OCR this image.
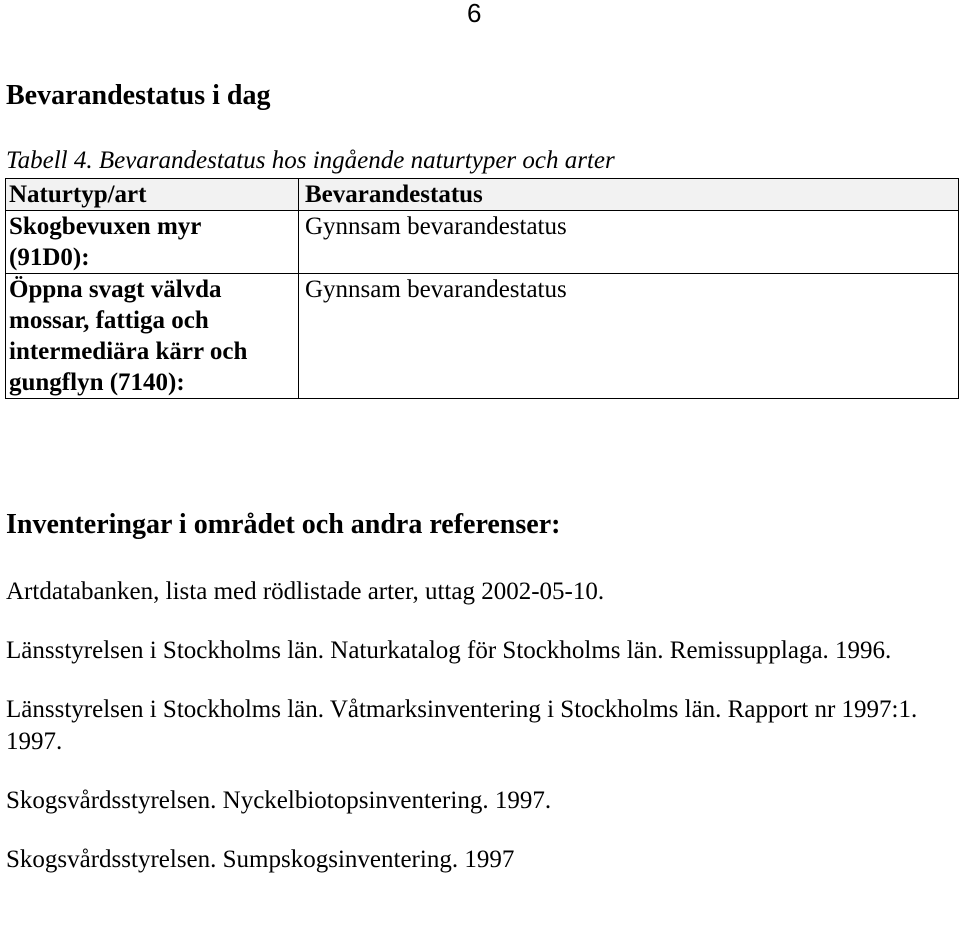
6
Bevarandestatus i dag
Tabell 4. Bevarandestatus hos ingående naturtyper och arter
Naturtyp/art	Bevarandestatus

Skogbevuxen myr
(91D0):	Gynnsam bevarandestatus

Öppna svagt välvda
mossar, fattiga och
intermediära kärr och
gungflyn (7140):	Gynnsam bevarandestatus
Inventeringar i området och andra referenser:

Artdatabanken, lista med rödlistade arter, uttag 2002-05-10.

Länsstyrelsen i Stockholms län. Naturkatalog för Stockholms län. Remissupplaga. 1996.

Länsstyrelsen i Stockholms län. Våtmarksinventering i Stockholms län. Rapport nr 1997:1. 1997.

Skogsvårdsstyrelsen. Nyckelbiotopsinventering. 1997.

Skogsvårdsstyrelsen. Sumpskogsinventering. 1997
